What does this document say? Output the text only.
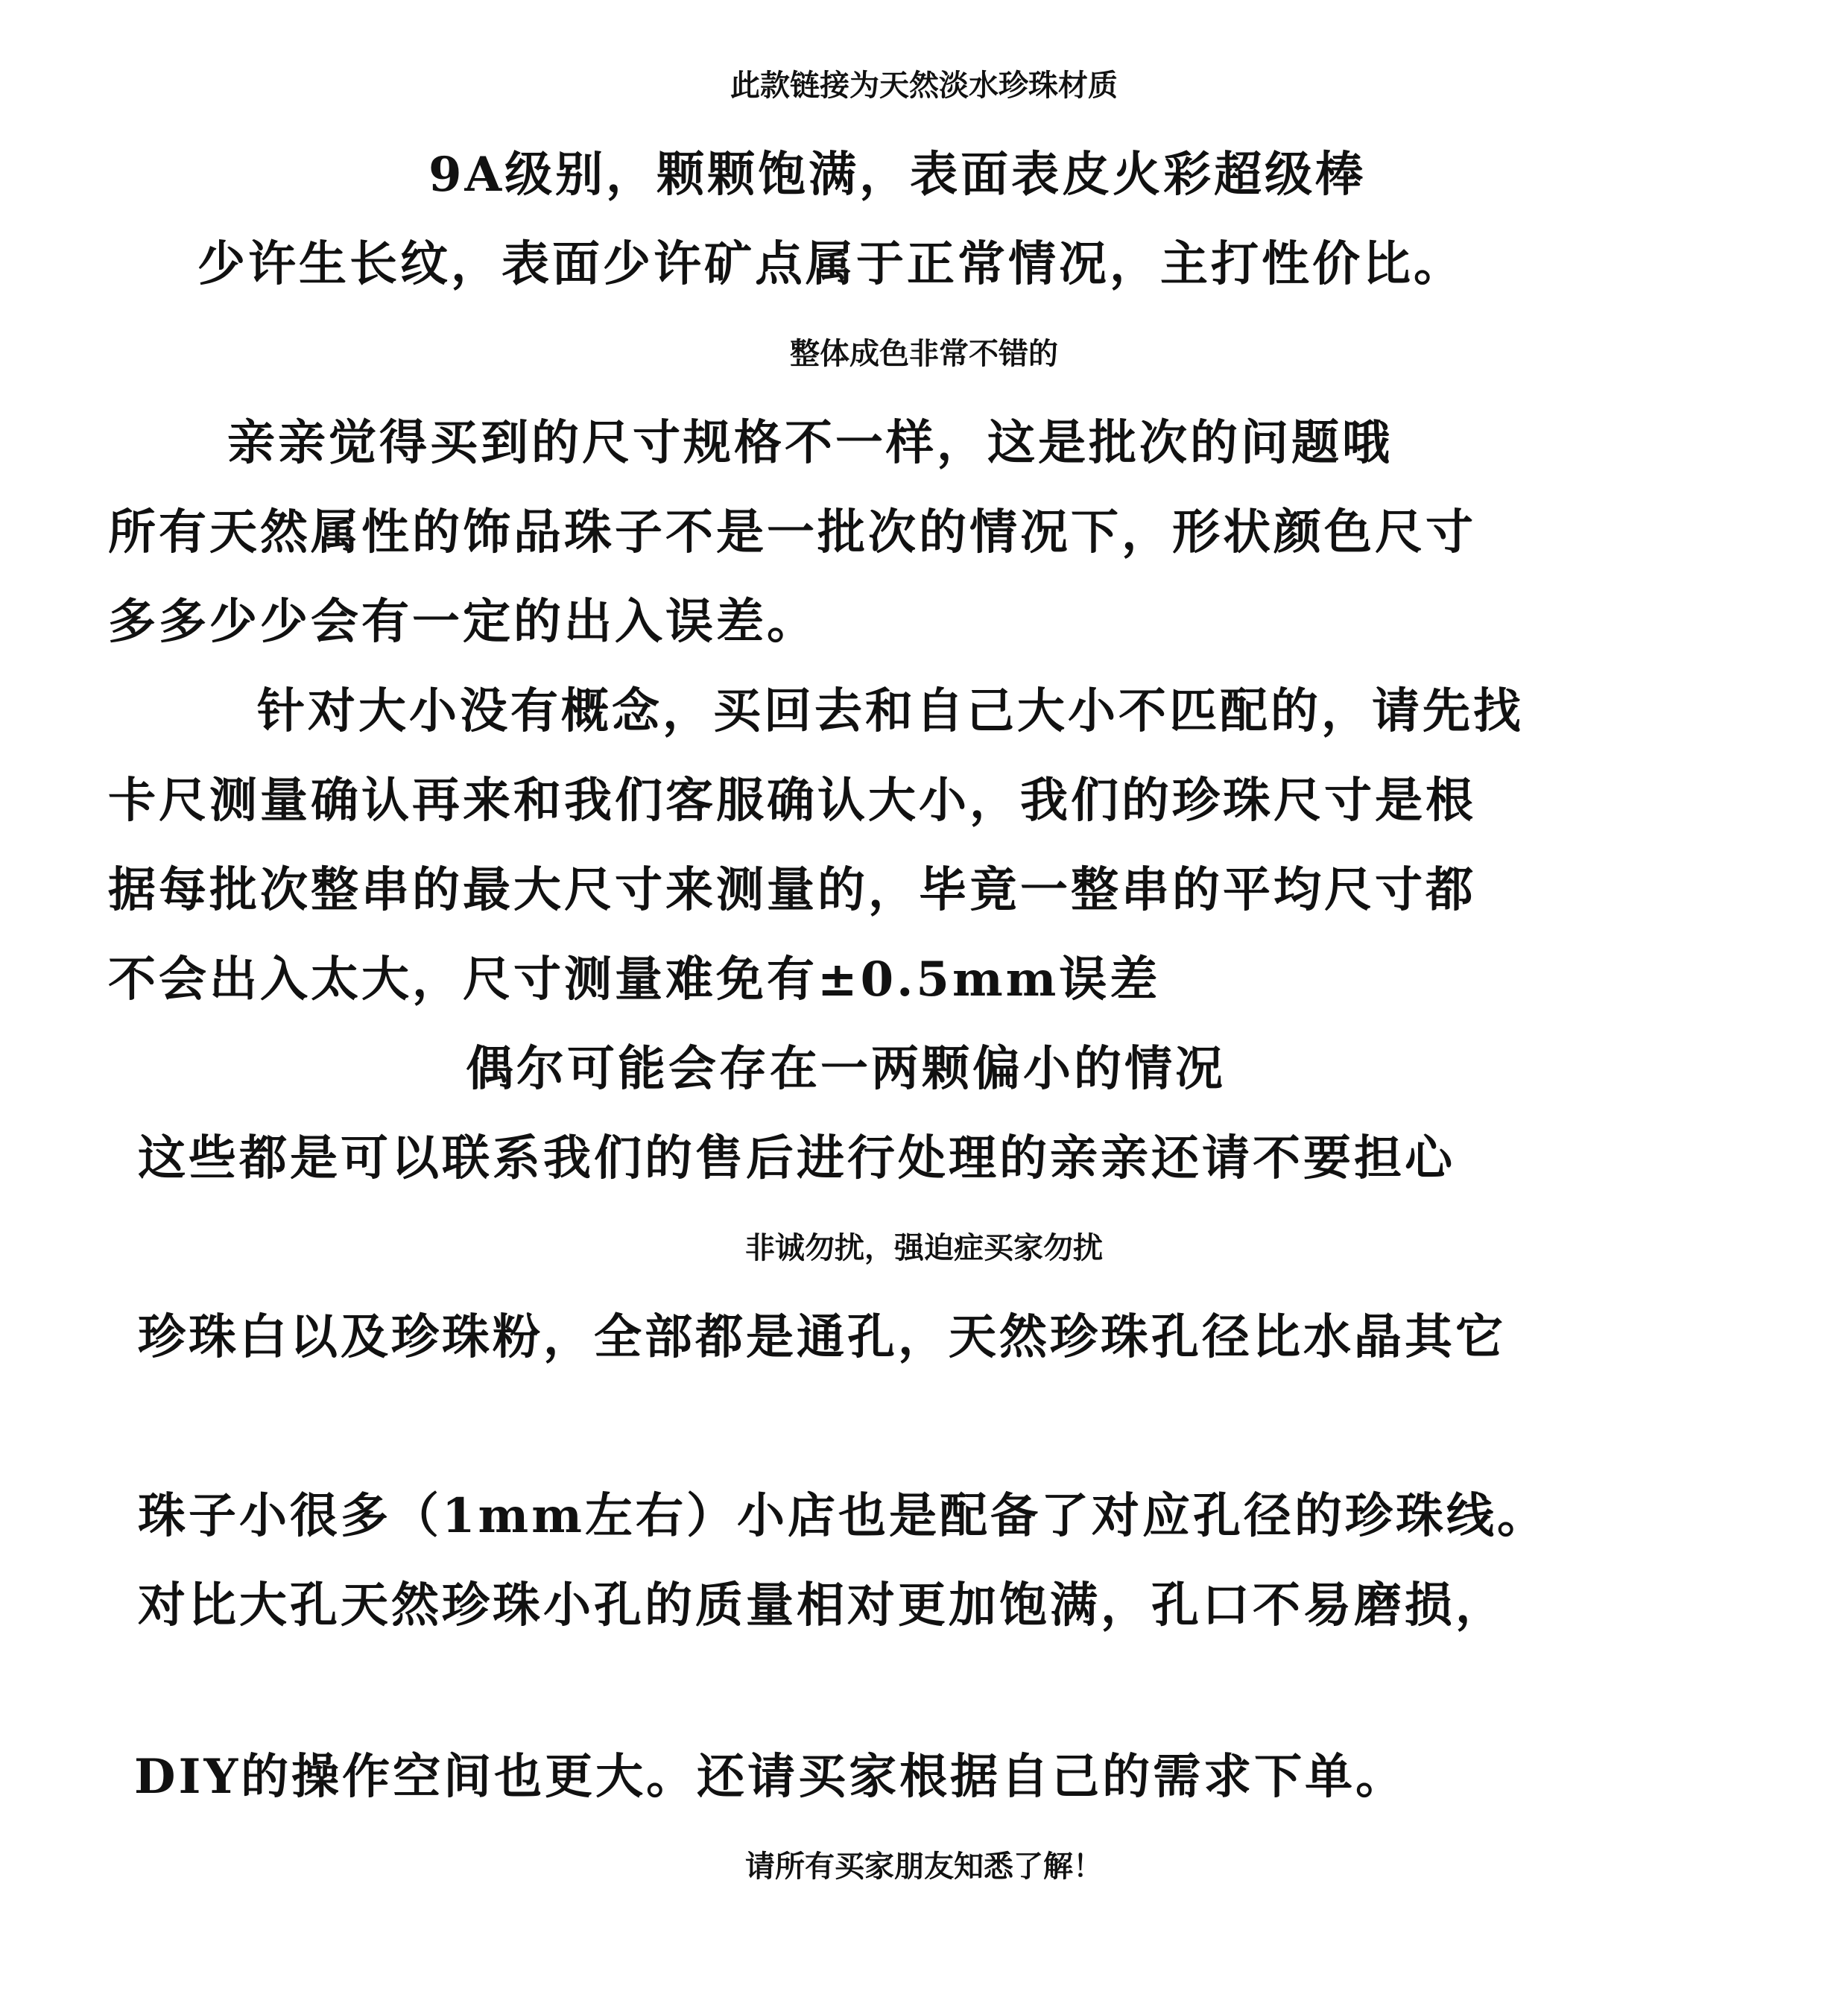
此款链接为天然淡水珍珠材质
9A级别，颗颗饱满，表面表皮火彩超级棒
少许生长纹，表面少许矿点属于正常情况，主打性价比。
整体成色非常不错的
亲亲觉得买到的尺寸规格不一样，这是批次的问题哦
所有天然属性的饰品珠子不是一批次的情况下，形状颜色尺寸
多多少少会有一定的出入误差。
针对大小没有概念，买回去和自己大小不匹配的，请先找
卡尺测量确认再来和我们客服确认大小，我们的珍珠尺寸是根
据每批次整串的最大尺寸来测量的，毕竟一整串的平均尺寸都
不会出入太大，尺寸测量难免有±0.5mm误差
偶尔可能会存在一两颗偏小的情况
这些都是可以联系我们的售后进行处理的亲亲还请不要担心
非诚勿扰，强迫症买家勿扰
珍珠白以及珍珠粉，全部都是通孔，天然珍珠孔径比水晶其它
珠子小很多（1mm左右）小店也是配备了对应孔径的珍珠线。
对比大孔天然珍珠小孔的质量相对更加饱满，孔口不易磨损，
DIY的操作空间也更大。还请买家根据自己的需求下单。
请所有买家朋友知悉了解！
